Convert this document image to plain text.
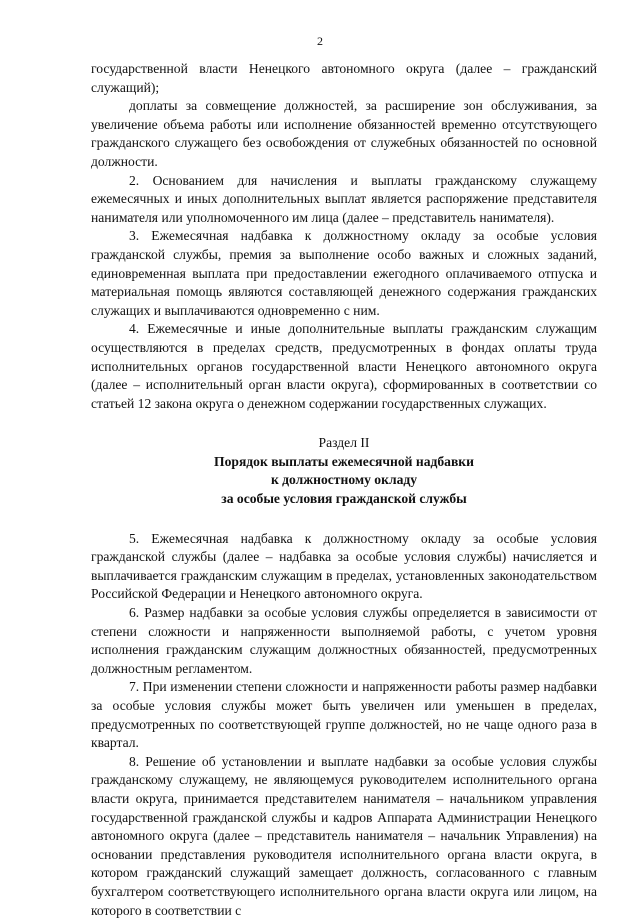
2

государственной власти Ненецкого автономного округа (далее – гражданский служащий);

доплаты за совмещение должностей, за расширение зон обслуживания, за увеличение объема работы или исполнение обязанностей временно отсутствующего гражданского служащего без освобождения от служебных обязанностей по основной должности.

2. Основанием для начисления и выплаты гражданскому служащему ежемесячных и иных дополнительных выплат является распоряжение представителя нанимателя или уполномоченного им лица (далее – представитель нанимателя).

3. Ежемесячная надбавка к должностному окладу за особые условия гражданской службы, премия за выполнение особо важных и сложных заданий, единовременная выплата при предоставлении ежегодного оплачиваемого отпуска и материальная помощь являются составляющей денежного содержания гражданских служащих и выплачиваются одновременно с ним.

4. Ежемесячные и иные дополнительные выплаты гражданским служащим осуществляются в пределах средств, предусмотренных в фондах оплаты труда исполнительных органов государственной власти Ненецкого автономного округа (далее – исполнительный орган власти округа), сформированных в соответствии со статьей 12 закона округа о денежном содержании государственных служащих.

Раздел II
Порядок выплаты ежемесячной надбавки
к должностному окладу
за особые условия гражданской службы

5. Ежемесячная надбавка к должностному окладу за особые условия гражданской службы (далее – надбавка за особые условия службы) начисляется и выплачивается гражданским служащим в пределах, установленных законодательством Российской Федерации и Ненецкого автономного округа.

6. Размер надбавки за особые условия службы определяется в зависимости от степени сложности и напряженности выполняемой работы, с учетом уровня исполнения гражданским служащим должностных обязанностей, предусмотренных должностным регламентом.

7. При изменении степени сложности и напряженности работы размер надбавки за особые условия службы может быть увеличен или уменьшен в пределах, предусмотренных по соответствующей группе должностей, но не чаще одного раза в квартал.

8. Решение об установлении и выплате надбавки за особые условия службы гражданскому служащему, не являющемуся руководителем исполнительного органа власти округа, принимается представителем нанимателя – начальником управления государственной гражданской службы и кадров Аппарата Администрации Ненецкого автономного округа (далее – представитель нанимателя – начальник Управления) на основании представления руководителя исполнительного органа власти округа, в котором гражданский служащий замещает должность, согласованного с главным бухгалтером соответствующего исполнительного органа власти округа или лицом, на которого в соответствии с
